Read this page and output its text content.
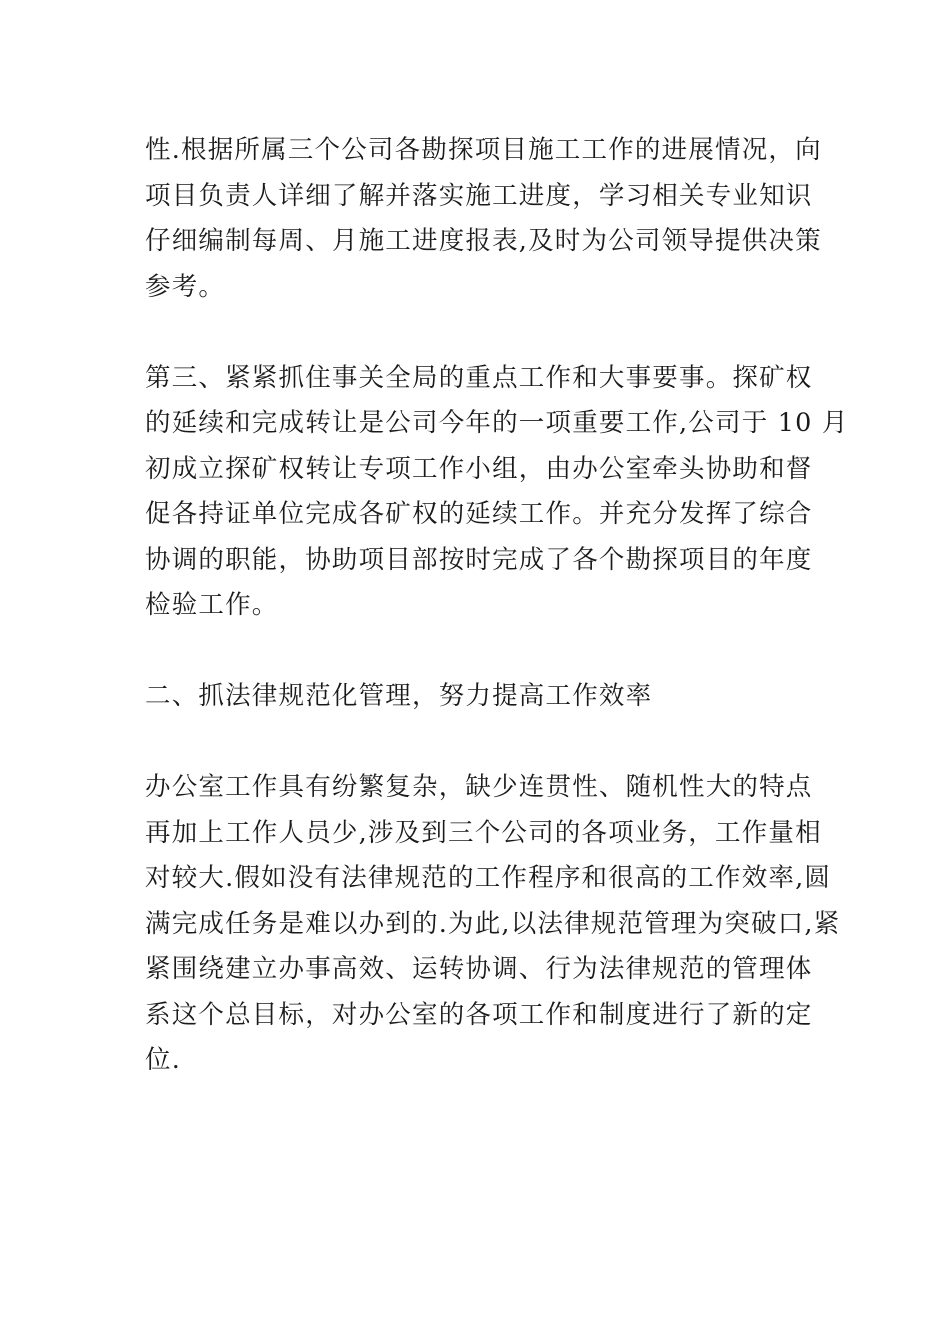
性.根据所属三个公司各勘探项目施工工作的进展情况，向
项目负责人详细了解并落实施工进度，学习相关专业知识
仔细编制每周、月施工进度报表,及时为公司领导提供决策
参考。
第三、紧紧抓住事关全局的重点工作和大事要事。探矿权
的延续和完成转让是公司今年的一项重要工作,公司于 10 月
初成立探矿权转让专项工作小组，由办公室牵头协助和督
促各持证单位完成各矿权的延续工作。并充分发挥了综合
协调的职能，协助项目部按时完成了各个勘探项目的年度
检验工作。
二、抓法律规范化管理，努力提高工作效率
办公室工作具有纷繁复杂，缺少连贯性、随机性大的特点
再加上工作人员少,涉及到三个公司的各项业务，工作量相
对较大.假如没有法律规范的工作程序和很高的工作效率,圆
满完成任务是难以办到的.为此,以法律规范管理为突破口,紧
紧围绕建立办事高效、运转协调、行为法律规范的管理体
系这个总目标，对办公室的各项工作和制度进行了新的定
位.
